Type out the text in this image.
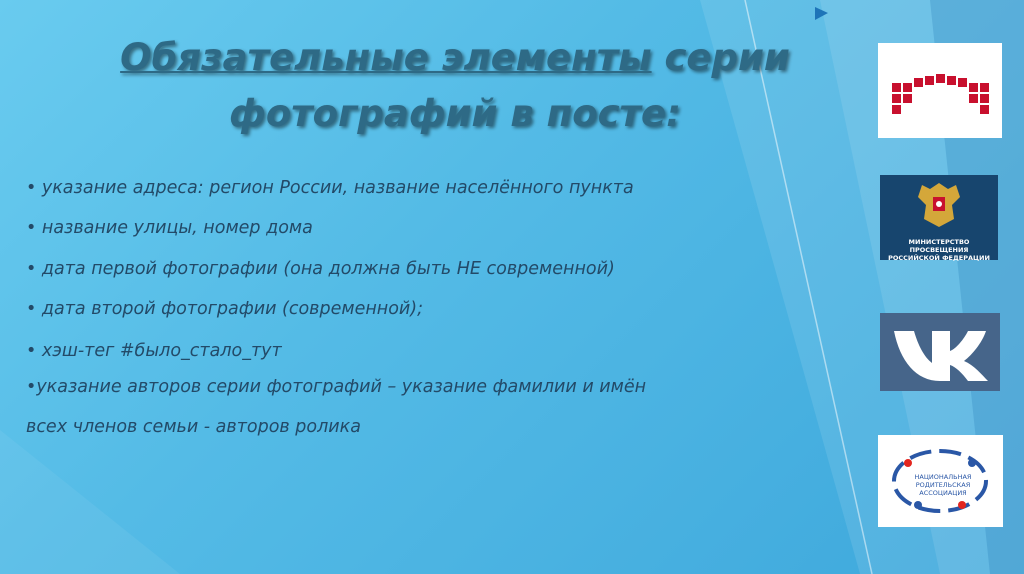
Обязательные элементы серии
фотографий в посте:
• указание адреса: регион России, название населённого пункта
• название улицы, номер дома
• дата первой фотографии (она должна быть НЕ современной)
• дата второй фотографии (современной);
• хэш-тег #было_стало_тут
•указание авторов серии фотографий – указание фамилии и имён
всех членов семьи - авторов ролика
МИНИСТЕРСТВО ПРОСВЕЩЕНИЯ
РОССИЙСКОЙ ФЕДЕРАЦИИ
НАЦИОНАЛЬНАЯ
РОДИТЕЛЬСКАЯ
АССОЦИАЦИЯ
